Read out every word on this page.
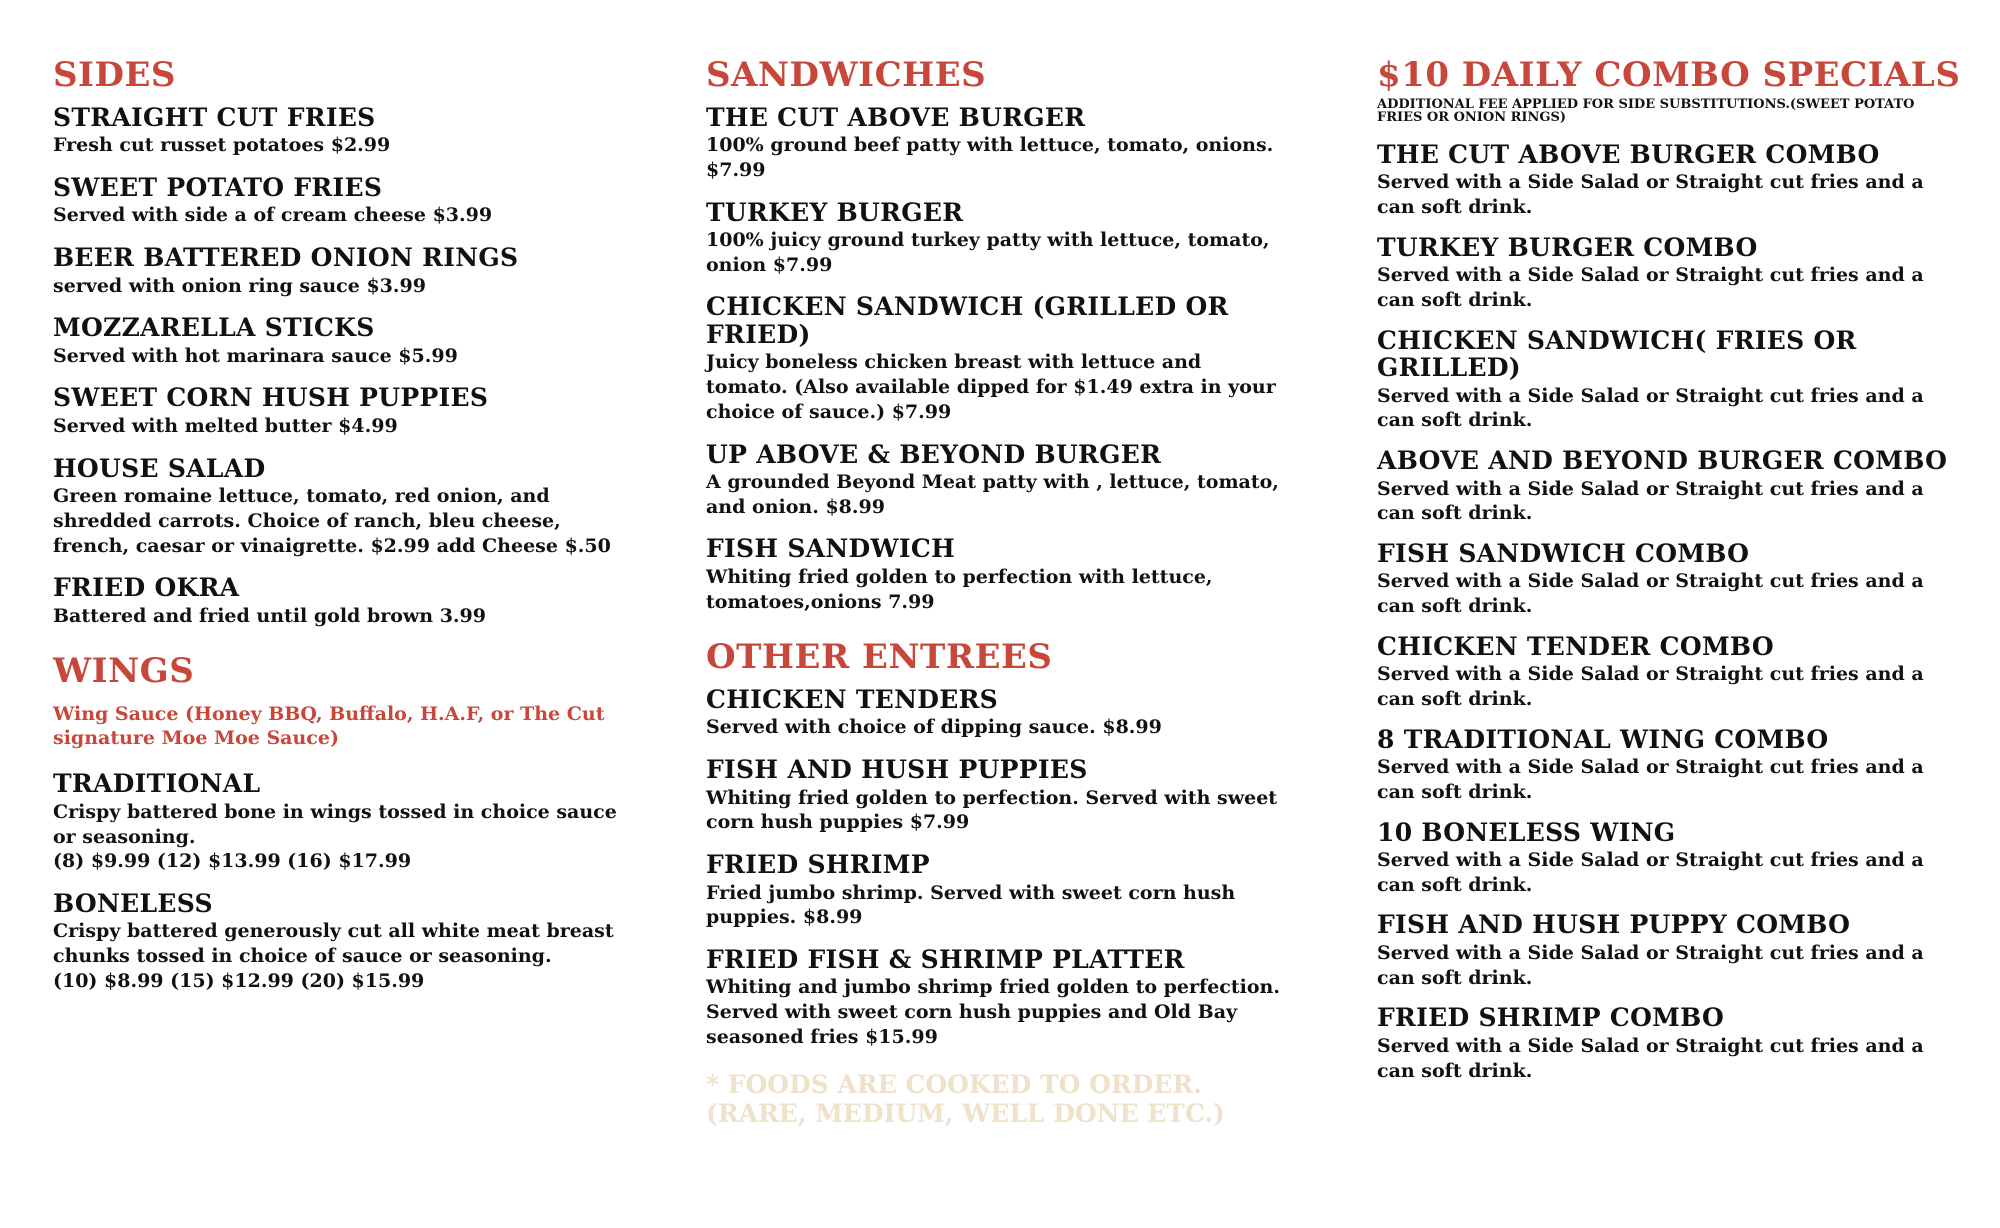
SIDES
STRAIGHT CUT FRIES
Fresh cut russet potatoes $2.99
SWEET POTATO FRIES
Served with side a of cream cheese $3.99
BEER BATTERED ONION RINGS
served with onion ring sauce $3.99
MOZZARELLA STICKS
Served with hot marinara sauce $5.99
SWEET CORN HUSH PUPPIES
Served with melted butter $4.99
HOUSE SALAD
Green romaine lettuce, tomato, red onion, and shredded carrots. Choice of ranch, bleu cheese, french, caesar or vinaigrette. $2.99 add Cheese $.50
FRIED OKRA
Battered and fried until gold brown 3.99
WINGS
Wing Sauce (Honey BBQ, Buffalo, H.A.F, or The Cut signature Moe Moe Sauce)
TRADITIONAL
Crispy battered bone in wings tossed in choice sauce or seasoning.
(8) $9.99 (12) $13.99 (16) $17.99
BONELESS
Crispy battered generously cut all white meat breast chunks tossed in choice of sauce or seasoning.
(10) $8.99 (15) $12.99 (20) $15.99
SANDWICHES
THE CUT ABOVE BURGER
100% ground beef patty with lettuce, tomato, onions.
$7.99
TURKEY BURGER
100% juicy ground turkey patty with lettuce, tomato, onion $7.99
CHICKEN SANDWICH (GRILLED OR FRIED)
Juicy boneless chicken breast with lettuce and tomato. (Also available dipped for $1.49 extra in your choice of sauce.) $7.99
UP ABOVE & BEYOND BURGER
A grounded Beyond Meat patty with , lettuce, tomato, and onion. $8.99
FISH SANDWICH
Whiting fried golden to perfection with lettuce, tomatoes,onions 7.99
OTHER ENTREES
CHICKEN TENDERS
Served with choice of dipping sauce. $8.99
FISH AND HUSH PUPPIES
Whiting fried golden to perfection. Served with sweet corn hush puppies $7.99
FRIED SHRIMP
Fried jumbo shrimp. Served with sweet corn hush puppies. $8.99
FRIED FISH & SHRIMP PLATTER
Whiting and jumbo shrimp fried golden to perfection. Served with sweet corn hush puppies and Old Bay seasoned fries $15.99
* FOODS ARE COOKED TO ORDER.
(RARE, MEDIUM, WELL DONE ETC.)
$10 DAILY COMBO SPECIALS
ADDITIONAL FEE APPLIED FOR SIDE SUBSTITUTIONS.(SWEET POTATO FRIES OR ONION RINGS)
THE CUT ABOVE BURGER COMBO
Served with a Side Salad or Straight cut fries and a can soft drink.
TURKEY BURGER COMBO
Served with a Side Salad or Straight cut fries and a can soft drink.
CHICKEN SANDWICH( FRIES OR GRILLED)
Served with a Side Salad or Straight cut fries and a can soft drink.
ABOVE AND BEYOND BURGER COMBO
Served with a Side Salad or Straight cut fries and a can soft drink.
FISH SANDWICH COMBO
Served with a Side Salad or Straight cut fries and a can soft drink.
CHICKEN TENDER COMBO
Served with a Side Salad or Straight cut fries and a can soft drink.
8 TRADITIONAL WING COMBO
Served with a Side Salad or Straight cut fries and a can soft drink.
10 BONELESS WING
Served with a Side Salad or Straight cut fries and a can soft drink.
FISH AND HUSH PUPPY COMBO
Served with a Side Salad or Straight cut fries and a can soft drink.
FRIED SHRIMP COMBO
Served with a Side Salad or Straight cut fries and a can soft drink.
